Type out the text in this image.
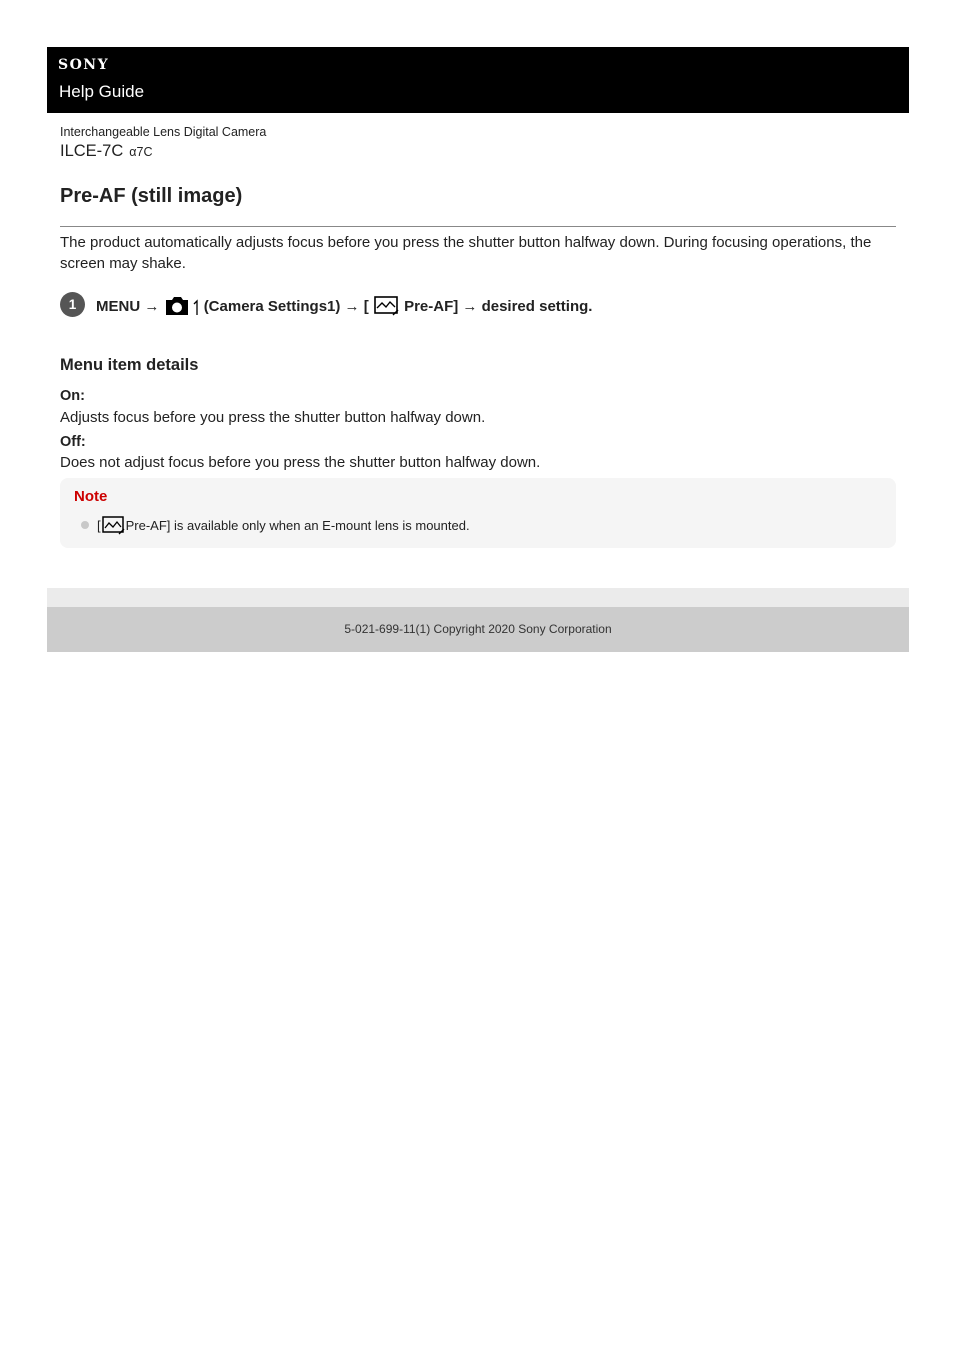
SONY
Help Guide
Interchangeable Lens Digital Camera
ILCE-7C α7C
Pre-AF (still image)

The product automatically adjusts focus before you press the shutter button halfway down. During focusing operations, the screen may shake.

1	MENU →	(Camera Settings1) → [ Pre-AF] → desired setting.
Menu item details
On:
Adjusts focus before you press the shutter button halfway down.
Off:
Does not adjust focus before you press the shutter button halfway down.
Note
[ Pre-AF] is available only when an E-mount lens is mounted.
5-021-699-11(1) Copyright 2020 Sony Corporation
